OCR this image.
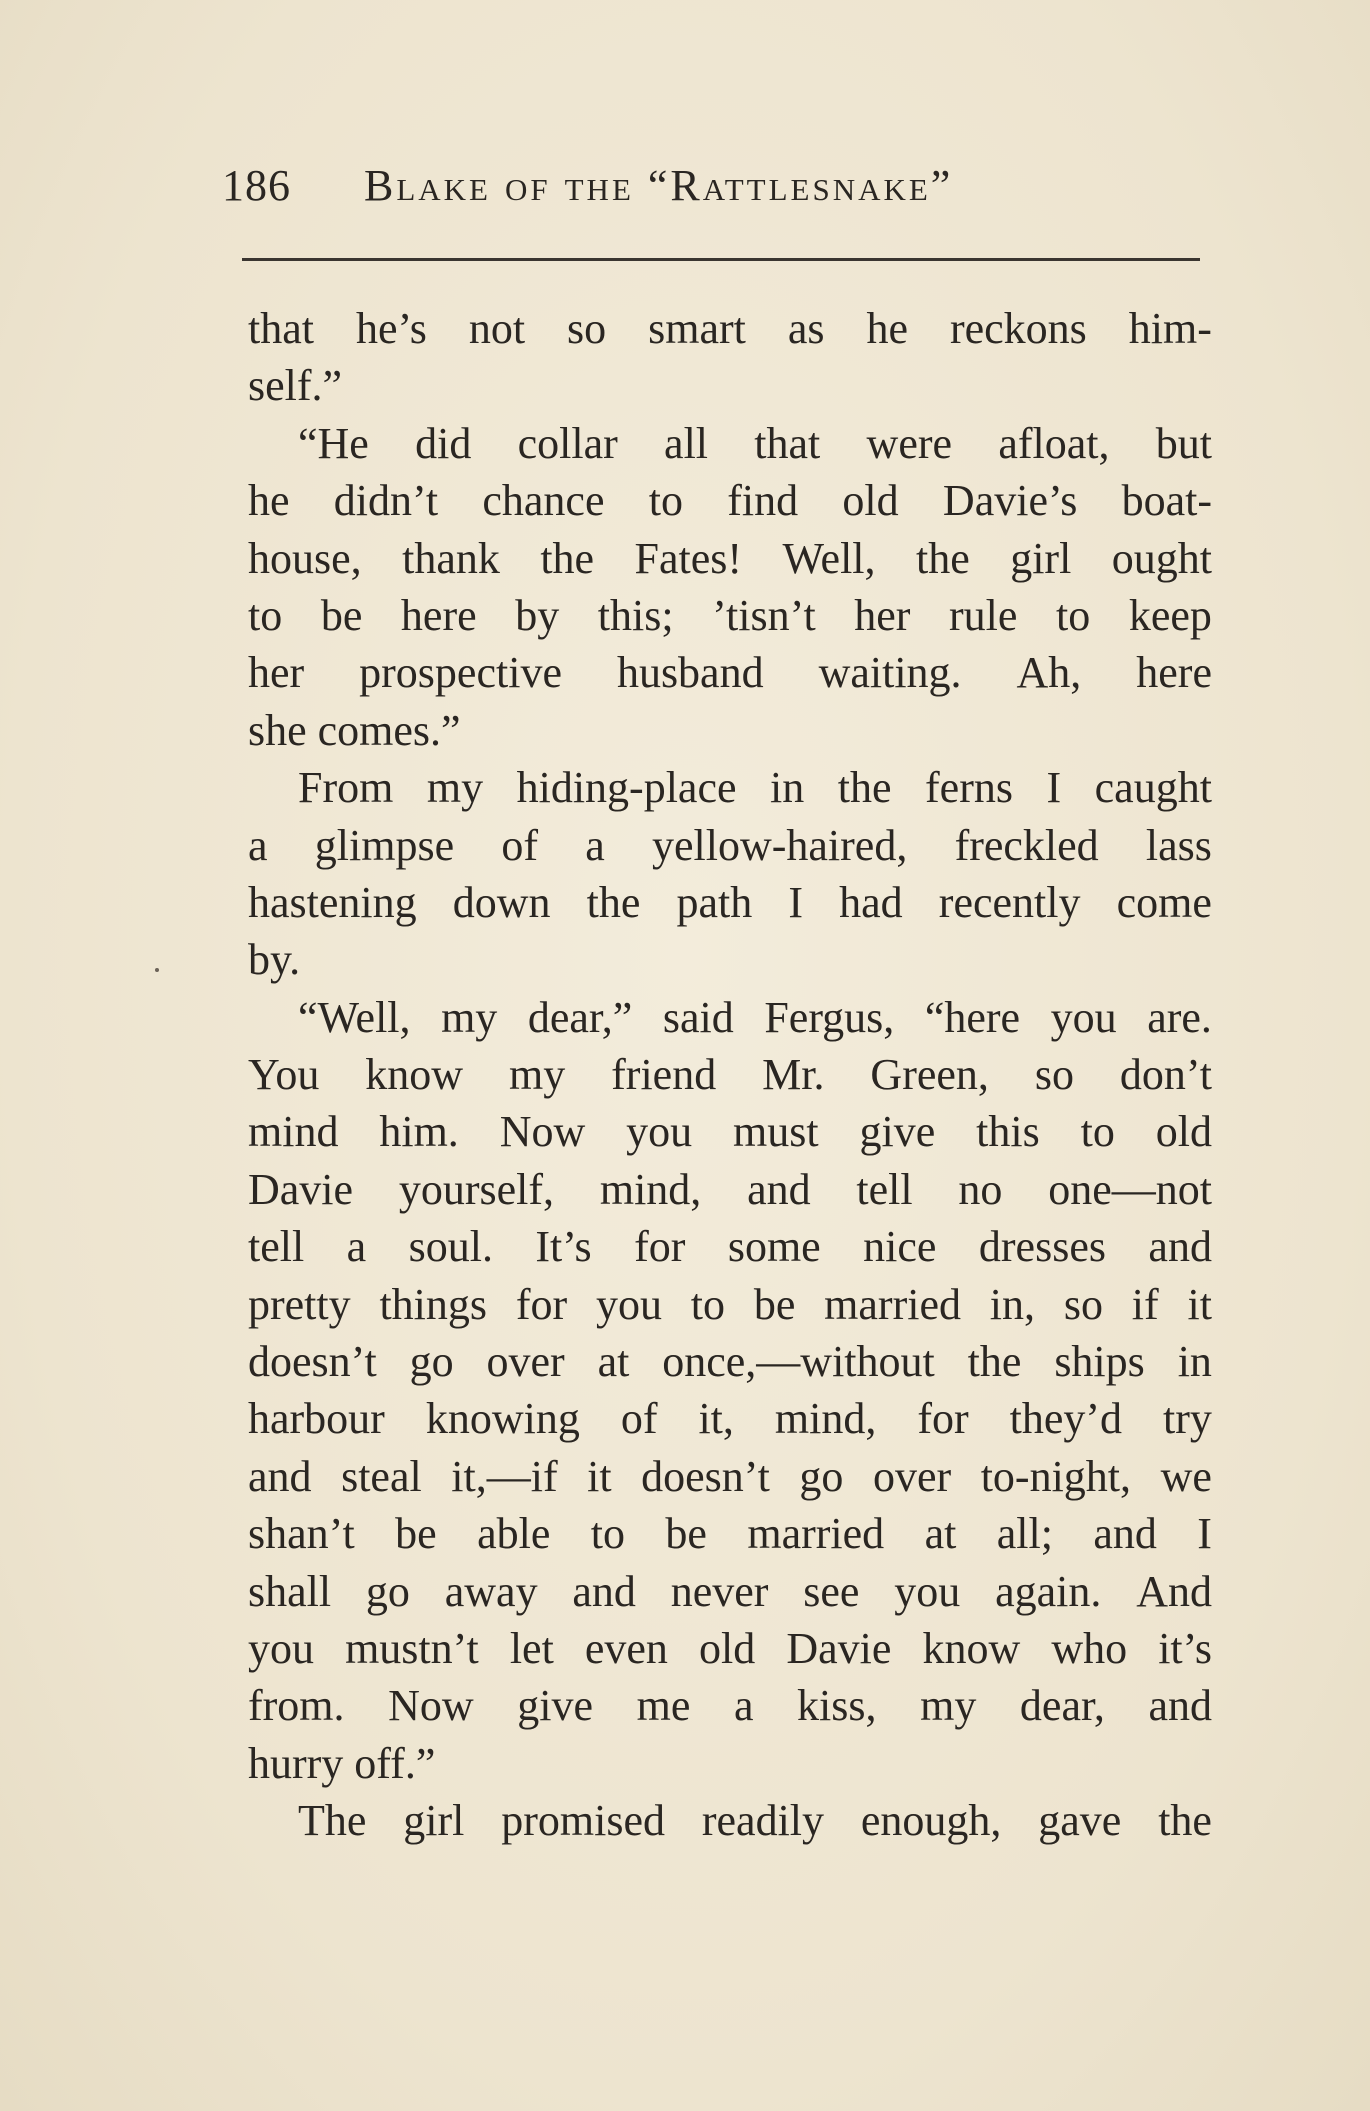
186 Blake of the “Rattlesnake”
that he’s not so smart as he reckons him-
self.”
“He did collar all that were afloat, but
he didn’t chance to find old Davie’s boat-
house, thank the Fates! Well, the girl ought
to be here by this; ’tisn’t her rule to keep
her prospective husband waiting. Ah, here
she comes.”
From my hiding-place in the ferns I caught
a glimpse of a yellow-haired, freckled lass
hastening down the path I had recently come
by.
“Well, my dear,” said Fergus, “here you are.
You know my friend Mr. Green, so don’t
mind him. Now you must give this to old
Davie yourself, mind, and tell no one—not
tell a soul. It’s for some nice dresses and
pretty things for you to be married in, so if it
doesn’t go over at once,—without the ships in
harbour knowing of it, mind, for they’d try
and steal it,—if it doesn’t go over to-night, we
shan’t be able to be married at all; and I
shall go away and never see you again. And
you mustn’t let even old Davie know who it’s
from. Now give me a kiss, my dear, and
hurry off.”
The girl promised readily enough, gave the
